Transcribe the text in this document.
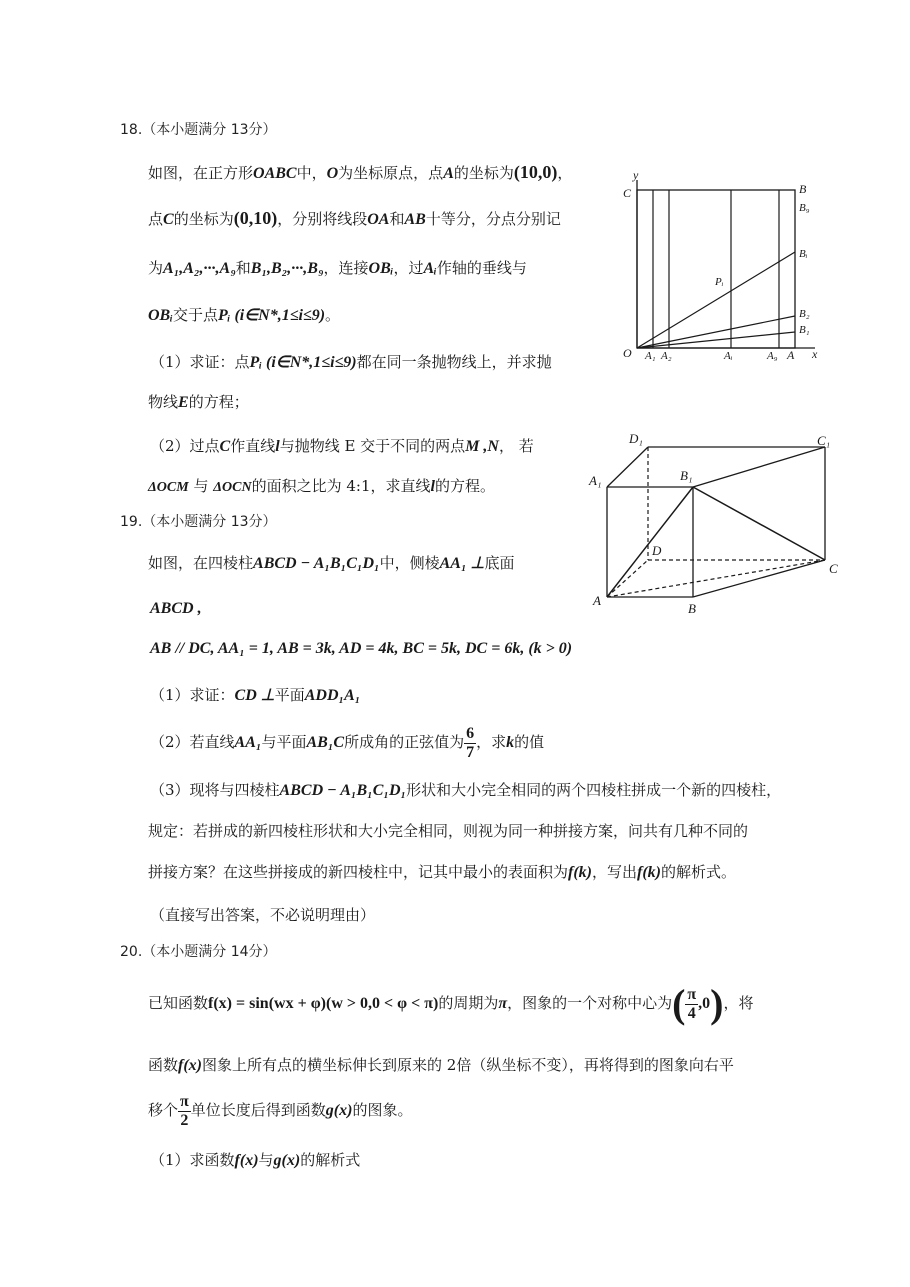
18.（本小题满分 13分）
如图，在正方形OABC中，O为坐标原点，点A的坐标为(10,0)，
点C的坐标为(0,10)，分别将线段OA和AB十等分，分点分别记
为A₁,A₂,···,A₉和B₁,B₂,···,B₉，连接OBᵢ，过Aᵢ作轴的垂线与
OBᵢ交于点Pᵢ (i∈N*,1≤i≤9)。
（1）求证：点Pᵢ (i∈N*,1≤i≤9)都在同一条抛物线上，并求抛
物线E的方程；
（2）过点C作直线l与抛物线 E 交于不同的两点M ,N， 若
ΔOCM 与 ΔOCN的面积之比为 4:1，求直线l的方程。
y
x
O
C	B
B₉
Bᵢ
B₂
B₁
Pᵢ
A₁ A₂	Aᵢ	A₉ A
D₁	C₁
A₁	B₁
D
C
A
B
19.（本小题满分 13分）
如图，在四棱柱ABCD − A₁B₁C₁D₁中，侧棱AA₁ ⊥底面
ABCD ,
AB // DC, AA₁ = 1, AB = 3k, AD = 4k, BC = 5k, DC = 6k, (k > 0)
（1）求证：CD ⊥平面ADD₁A₁
（2）若直线AA₁与平面AB₁C所成角的正弦值为 $\frac{6}{7}$ ，求k的值
（3）现将与四棱柱ABCD − A₁B₁C₁D₁形状和大小完全相同的两个四棱柱拼成一个新的四棱柱，
规定：若拼成的新四棱柱形状和大小完全相同，则视为同一种拼接方案，问共有几种不同的
拼接方案？在这些拼接成的新四棱柱中，记其中最小的表面积为f(k)，写出f(k)的解析式。
（直接写出答案，不必说明理由）
20.（本小题满分 14分）
已知函数f(x) = sin(wx + φ)(w > 0,0 < φ < π)的周期为π，图象的一个对称中心为( $\frac{\pi}{4} ,0$)，将
函数f(x)图象上所有点的横坐标伸长到原来的 2倍（纵坐标不变），再将得到的图象向右平
移个 $\frac{\pi}{2}$ 单位长度后得到函数g(x)的图象。
（1）求函数f(x)与g(x)的解析式
